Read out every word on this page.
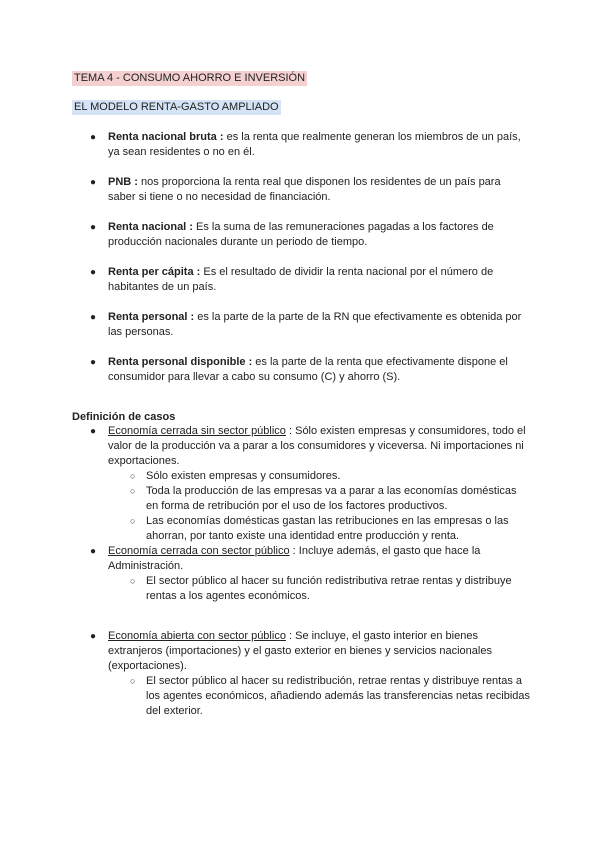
TEMA 4 - CONSUMO AHORRO E INVERSIÓN
EL MODELO RENTA-GASTO AMPLIADO
● Renta nacional bruta : es la renta que realmente generan los miembros de un país, ya sean residentes o no en él.
● PNB : nos proporciona la renta real que disponen los residentes de un país para saber si tiene o no necesidad de financiación.
● Renta nacional : Es la suma de las remuneraciones pagadas a los factores de producción nacionales durante un periodo de tiempo.
● Renta per cápita : Es el resultado de dividir la renta nacional por el número de habitantes de un país.
● Renta personal : es la parte de la parte de la RN que efectivamente es obtenida por las personas.
● Renta personal disponible : es la parte de la renta que efectivamente dispone el consumidor para llevar a cabo su consumo (C) y ahorro (S).
Definición de casos
● Economía cerrada sin sector público : Sólo existen empresas y consumidores, todo el valor de la producción va a parar a los consumidores y viceversa. Ni importaciones ni exportaciones.
○ Sólo existen empresas y consumidores.
○ Toda la producción de las empresas va a parar a las economías domésticas en forma de retribución por el uso de los factores productivos.
○ Las economías domésticas gastan las retribuciones en las empresas o las ahorran, por tanto existe una identidad entre producción y renta.
● Economía cerrada con sector público : Incluye además, el gasto que hace la Administración.
○ El sector público al hacer su función redistributiva retrae rentas y distribuye rentas a los agentes económicos.
● Economía abierta con sector público : Se incluye, el gasto interior en bienes extranjeros (importaciones) y el gasto exterior en bienes y servicios nacionales (exportaciones).
○ El sector público al hacer su redistribución, retrae rentas y distribuye rentas a los agentes económicos, añadiendo además las transferencias netas recibidas del exterior.
